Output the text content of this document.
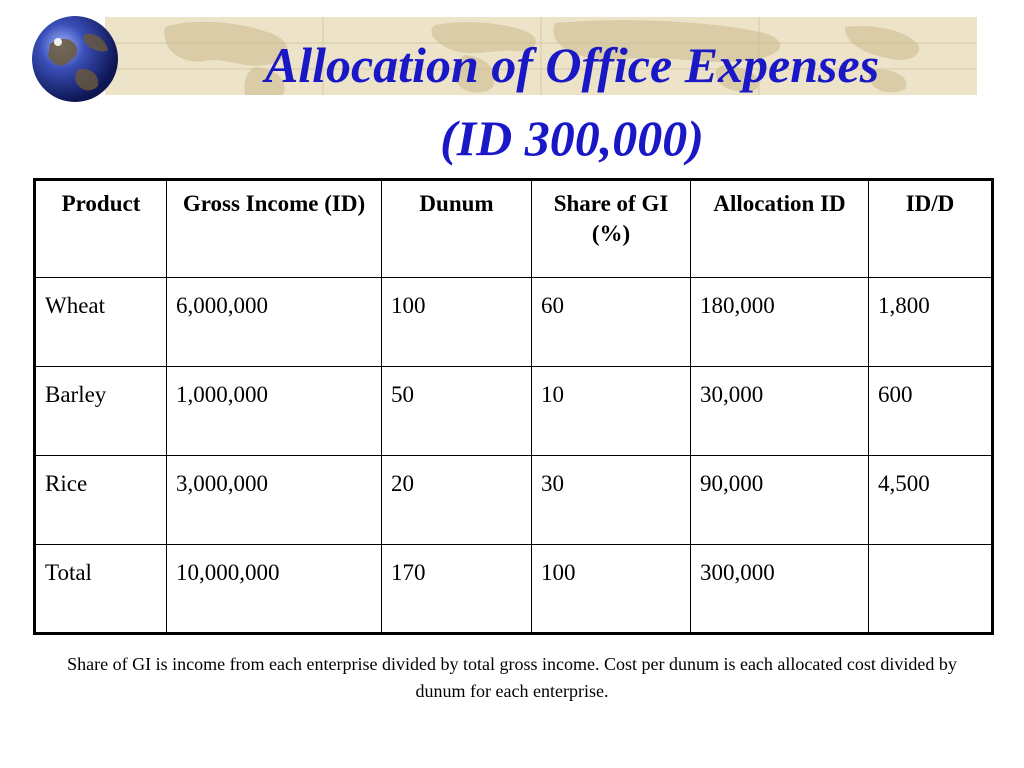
Allocation of Office Expenses
(ID 300,000)
Product	Gross Income (ID)	Dunum	Share of GI (%)	Allocation ID	ID/D
Wheat	6,000,000	100	60	180,000	1,800
Barley	1,000,000	50	10	30,000	600
Rice	3,000,000	20	30	90,000	4,500
Total	10,000,000	170	100	300,000	
Share of GI is income from each enterprise divided by total gross income. Cost per dunum is each allocated cost divided by dunum for each enterprise.
